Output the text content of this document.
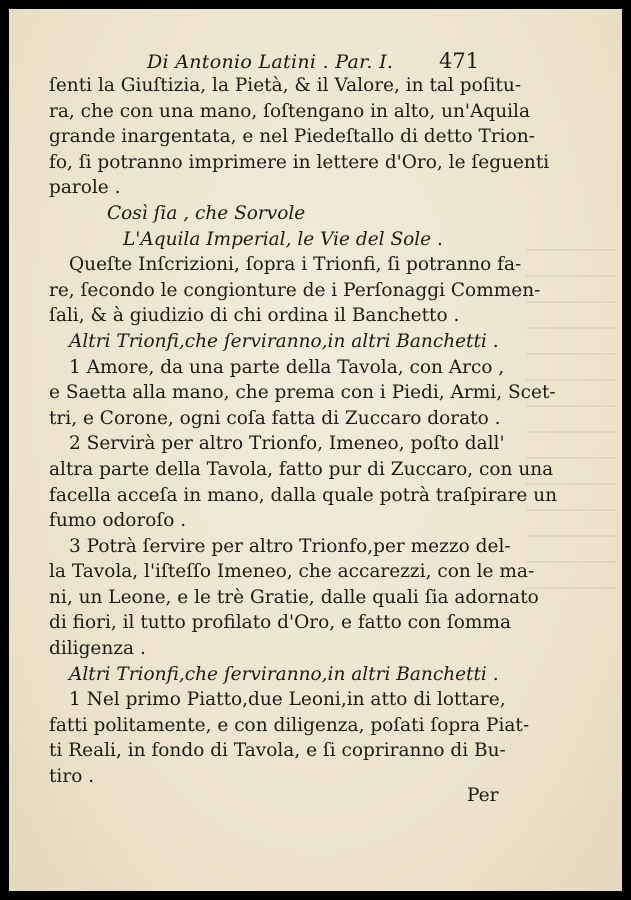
Di Antonio Latini . Par. I. 471
ſenti la Giuſtizia, la Pietà, & il Valore, in tal poſitu-
ra, che con una mano, ſoſtengano in alto, un'Aquila
grande inargentata, e nel Piedeſtallo di detto Trion-
fo, ſi potranno imprimere in lettere d'Oro, le ſeguenti
parole .
Così ſia , che Sorvole
L'Aquila Imperial, le Vie del Sole .
Queſte Inſcrizioni, ſopra i Trionfi, ſi potranno fa-
re, ſecondo le congionture de i Perſonaggi Commen-
ſali, & à giudizio di chi ordina il Banchetto .
Altri Trionfi,che ſerviranno,in altri Banchetti .
1 Amore, da una parte della Tavola, con Arco ,
e Saetta alla mano, che prema con i Piedi, Armi, Scet-
tri, e Corone, ogni coſa fatta di Zuccaro dorato .
2 Servirà per altro Trionfo, Imeneo, poſto dall'
altra parte della Tavola, fatto pur di Zuccaro, con una
facella acceſa in mano, dalla quale potrà traſpirare un
fumo odoroſo .
3 Potrà ſervire per altro Trionfo,per mezzo del-
la Tavola, l'iſteſſo Imeneo, che accarezzi, con le ma-
ni, un Leone, e le trè Gratie, dalle quali ſia adornato
di fiori, il tutto profilato d'Oro, e fatto con ſomma
diligenza .
Altri Trionfi,che ſerviranno,in altri Banchetti .
1 Nel primo Piatto,due Leoni,in atto di lottare,
fatti politamente, e con diligenza, poſati ſopra Piat-
ti Reali, in fondo di Tavola, e ſi copriranno di Bu-
tiro .
Per
